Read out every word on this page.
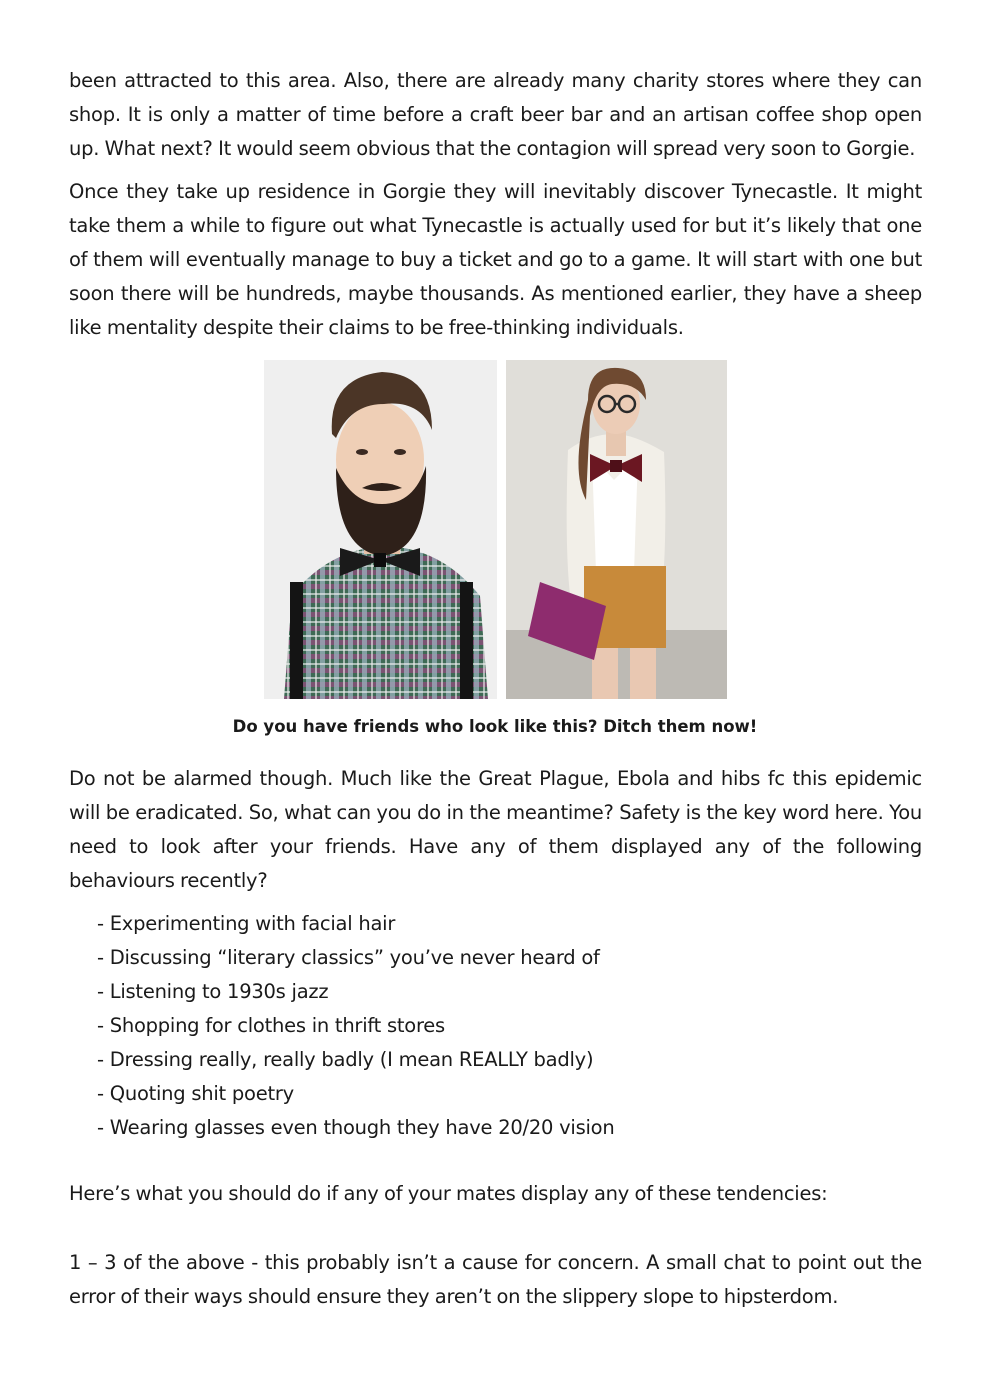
been attracted to this area. Also, there are already many charity stores where they can shop. It is only a matter of time before a craft beer bar and an artisan coffee shop open up. What next? It would seem obvious that the contagion will spread very soon to Gorgie.

Once they take up residence in Gorgie they will inevitably discover Tynecastle. It might take them a while to figure out what Tynecastle is actually used for but it’s likely that one of them will eventually manage to buy a ticket and go to a game. It will start with one but soon there will be hundreds, maybe thousands. As mentioned earlier, they have a sheep like mentality despite their claims to be free-thinking individuals.

Do you have friends who look like this? Ditch them now!

Do not be alarmed though. Much like the Great Plague, Ebola and hibs fc this epidemic will be eradicated. So, what can you do in the meantime? Safety is the key word here. You need to look after your friends. Have any of them displayed any of the following behaviours recently?

- Experimenting with facial hair
- Discussing “literary classics” you’ve never heard of
- Listening to 1930s jazz
- Shopping for clothes in thrift stores
- Dressing really, really badly (I mean REALLY badly)
- Quoting shit poetry
- Wearing glasses even though they have 20/20 vision

Here’s what you should do if any of your mates display any of these tendencies:

1 – 3 of the above - this probably isn’t a cause for concern. A small chat to point out the error of their ways should ensure they aren’t on the slippery slope to hipsterdom.
